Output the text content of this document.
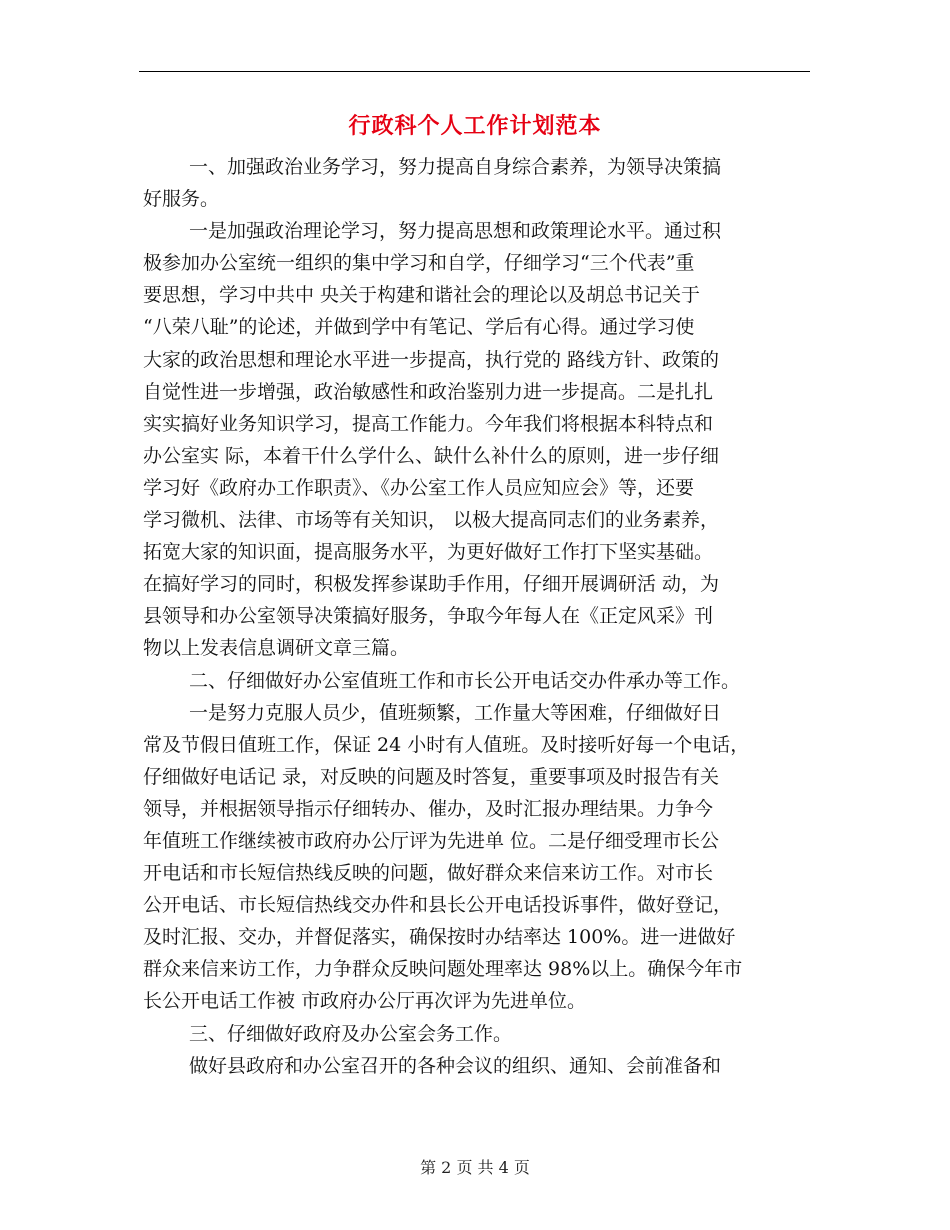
行政科个人工作计划范本
一、加强政治业务学习，努力提高自身综合素养，为领导决策搞
好服务。
一是加强政治理论学习，努力提高思想和政策理论水平。通过积
极参加办公室统一组织的集中学习和自学，仔细学习“三个代表”重
要思想，学习中共中 央关于构建和谐社会的理论以及胡总书记关于
“八荣八耻”的论述，并做到学中有笔记、学后有心得。通过学习使
大家的政治思想和理论水平进一步提高，执行党的 路线方针、政策的
自觉性进一步增强，政治敏感性和政治鉴别力进一步提高。二是扎扎
实实搞好业务知识学习，提高工作能力。今年我们将根据本科特点和
办公室实 际，本着干什么学什么、缺什么补什么的原则，进一步仔细
学习好《政府办工作职责》、《办公室工作人员应知应会》等，还要
学习微机、法律、市场等有关知识， 以极大提高同志们的业务素养，
拓宽大家的知识面，提高服务水平，为更好做好工作打下坚实基础。
在搞好学习的同时，积极发挥参谋助手作用，仔细开展调研活 动，为
县领导和办公室领导决策搞好服务，争取今年每人在《正定风采》刊
物以上发表信息调研文章三篇。
二、仔细做好办公室值班工作和市长公开电话交办件承办等工作。
一是努力克服人员少，值班频繁，工作量大等困难，仔细做好日
常及节假日值班工作，保证 24 小时有人值班。及时接听好每一个电话，
仔细做好电话记 录，对反映的问题及时答复，重要事项及时报告有关
领导，并根据领导指示仔细转办、催办，及时汇报办理结果。力争今
年值班工作继续被市政府办公厅评为先进单 位。二是仔细受理市长公
开电话和市长短信热线反映的问题，做好群众来信来访工作。对市长
公开电话、市长短信热线交办件和县长公开电话投诉事件，做好登记，
及时汇报、交办，并督促落实，确保按时办结率达 100%。进一进做好
群众来信来访工作，力争群众反映问题处理率达 98%以上。确保今年市
长公开电话工作被 市政府办公厅再次评为先进单位。
三、仔细做好政府及办公室会务工作。
做好县政府和办公室召开的各种会议的组织、通知、会前准备和
第 2 页 共 4 页
